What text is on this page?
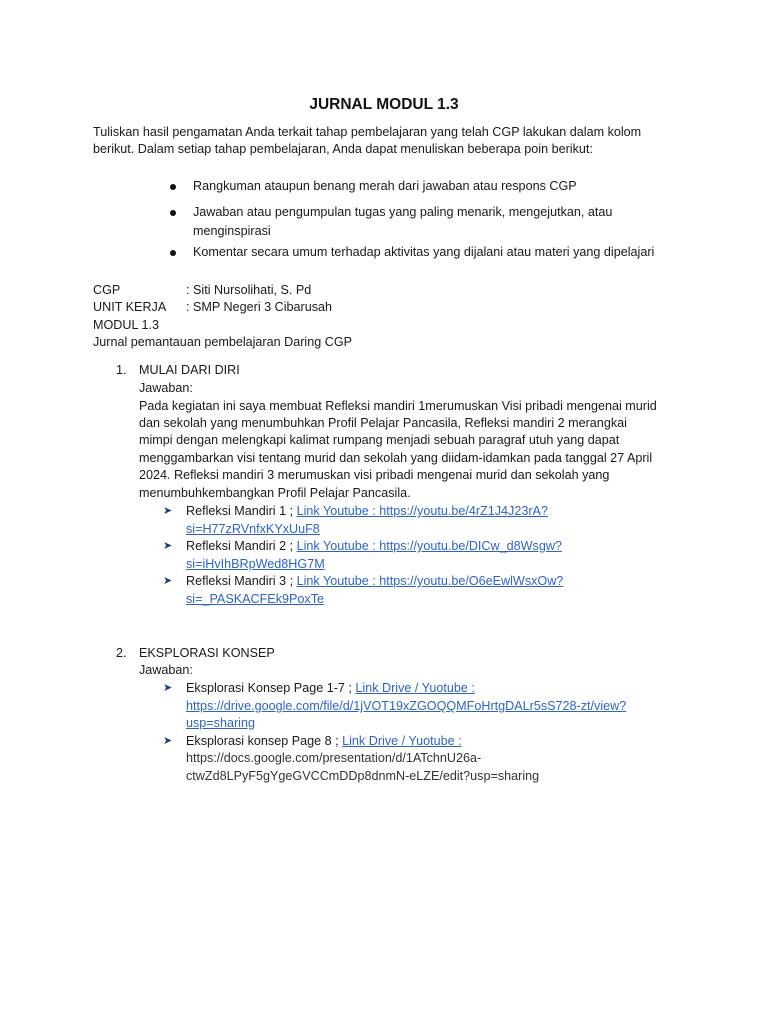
JURNAL MODUL 1.3
Tuliskan hasil pengamatan Anda terkait tahap pembelajaran yang telah CGP lakukan dalam kolom
berikut. Dalam setiap tahap pembelajaran, Anda dapat menuliskan beberapa poin berikut:
Rangkuman ataupun benang merah dari jawaban atau respons CGP
Jawaban atau pengumpulan tugas yang paling menarik, mengejutkan, atau
menginspirasi
Komentar secara umum terhadap aktivitas yang dijalani atau materi yang dipelajari
CGP	: Siti Nursolihati, S. Pd
UNIT KERJA : SMP Negeri 3 Cibarusah
MODUL 1.3
Jurnal pemantauan pembelajaran Daring CGP
1. MULAI DARI DIRI
Jawaban:
Pada kegiatan ini saya membuat Refleksi mandiri 1merumuskan Visi pribadi mengenai murid
dan sekolah yang menumbuhkan Profil Pelajar Pancasila, Refleksi mandiri 2 merangkai
mimpi dengan melengkapi kalimat rumpang menjadi sebuah paragraf utuh yang dapat
menggambarkan visi tentang murid dan sekolah yang diidam-idamkan pada tanggal 27 April
2024. Refleksi mandiri 3 merumuskan visi pribadi mengenai murid dan sekolah yang
menumbuhkembangkan Profil Pelajar Pancasila.
➤ Refleksi Mandiri 1 ; Link Youtube : https://youtu.be/4rZ1J4J23rA?
si=H77zRVnfxKYxUuF8
➤ Refleksi Mandiri 2 ; Link Youtube : https://youtu.be/DICw_d8Wsgw?
si=iHvIhBRpWed8HG7M
➤ Refleksi Mandiri 3 ; Link Youtube : https://youtu.be/O6eEwlWsxOw?
si=_PASKACFEk9PoxTe
2. EKSPLORASI KONSEP
Jawaban:
➤ Eksplorasi Konsep Page 1-7 ; Link Drive / Yuotube :
https://drive.google.com/file/d/1jVOT19xZGOQQMFoHrtgDALr5sS728-zt/view?
usp=sharing
➤ Eksplorasi konsep Page 8 ; Link Drive / Yuotube :
https://docs.google.com/presentation/d/1ATchnU26a-
ctwZd8LPyF5gYgeGVCCmDDp8dnmN-eLZE/edit?usp=sharing
